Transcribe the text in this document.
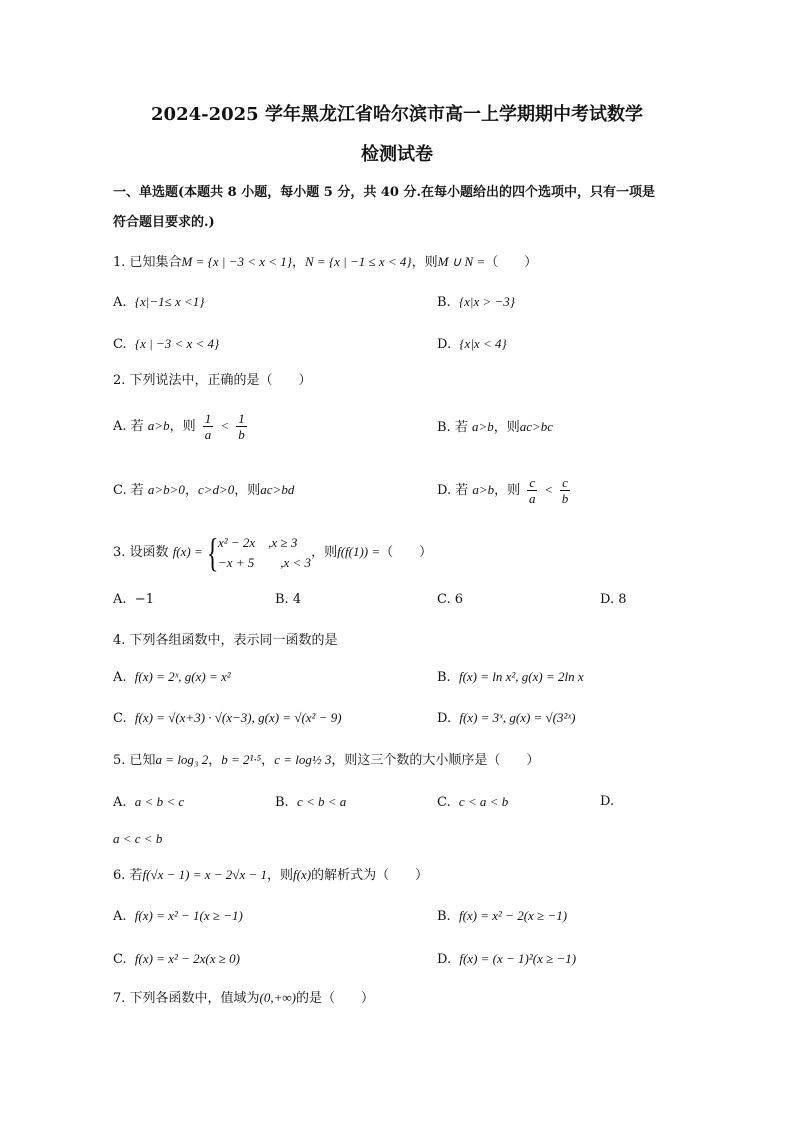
2024-2025 学年黑龙江省哈尔滨市高一上学期期中考试数学
检测试卷
一、单选题(本题共 8 小题，每小题 5 分，共 40 分.在每小题给出的四个选项中，只有一项是
符合题目要求的.)
1. 已知集合M = {x | −3 < x < 1}，N = {x | −1 ≤ x < 4}，则M ∪ N =（　　）
A. {x|−1≤ x <1}	B. {x|x > −3}
C. {x | −3 < x < 4}	D. {x|x < 4}
2. 下列说法中，正确的是（　　）
A. 若 a>b，则 $\frac{1}{a} < \frac{1}{b}$	B. 若 a>b，则ac>bc
C. 若 a>b>0，c>d>0，则ac>bd	D. 若 a>b，则 $\frac{c}{a} < \frac{c}{b}$
3. 设函数 f(x) ={ x² − 2x　,x ≥ 3
−x + 5　　,x < 3
，则f(f(1)) =（　　）
A. −1	B. 4	C. 6	D. 8
4. 下列各组函数中，表示同一函数的是
A. f(x) = 2ˣ, g(x) = x²	B. f(x) = ln x², g(x) = 2ln x
C. f(x) = √(x+3) · √(x−3), g(x) = √(x² − 9)	D. f(x) = 3ˣ, g(x) = √(3²ˣ)
5. 已知a = log₃ 2，b = 2¹·⁵，c = log½ 3，则这三个数的大小顺序是（　　）
A. a < b < c	B. c < b < a	C. c < a < b	D.
a < c < b
6. 若f(√x − 1) = x − 2√x − 1，则f(x)的解析式为（　　）
A. f(x) = x² − 1(x ≥ −1)	B. f(x) = x² − 2(x ≥ −1)
C. f(x) = x² − 2x(x ≥ 0)	D. f(x) = (x − 1)²(x ≥ −1)
7. 下列各函数中，值域为(0,+∞)的是（　　）
